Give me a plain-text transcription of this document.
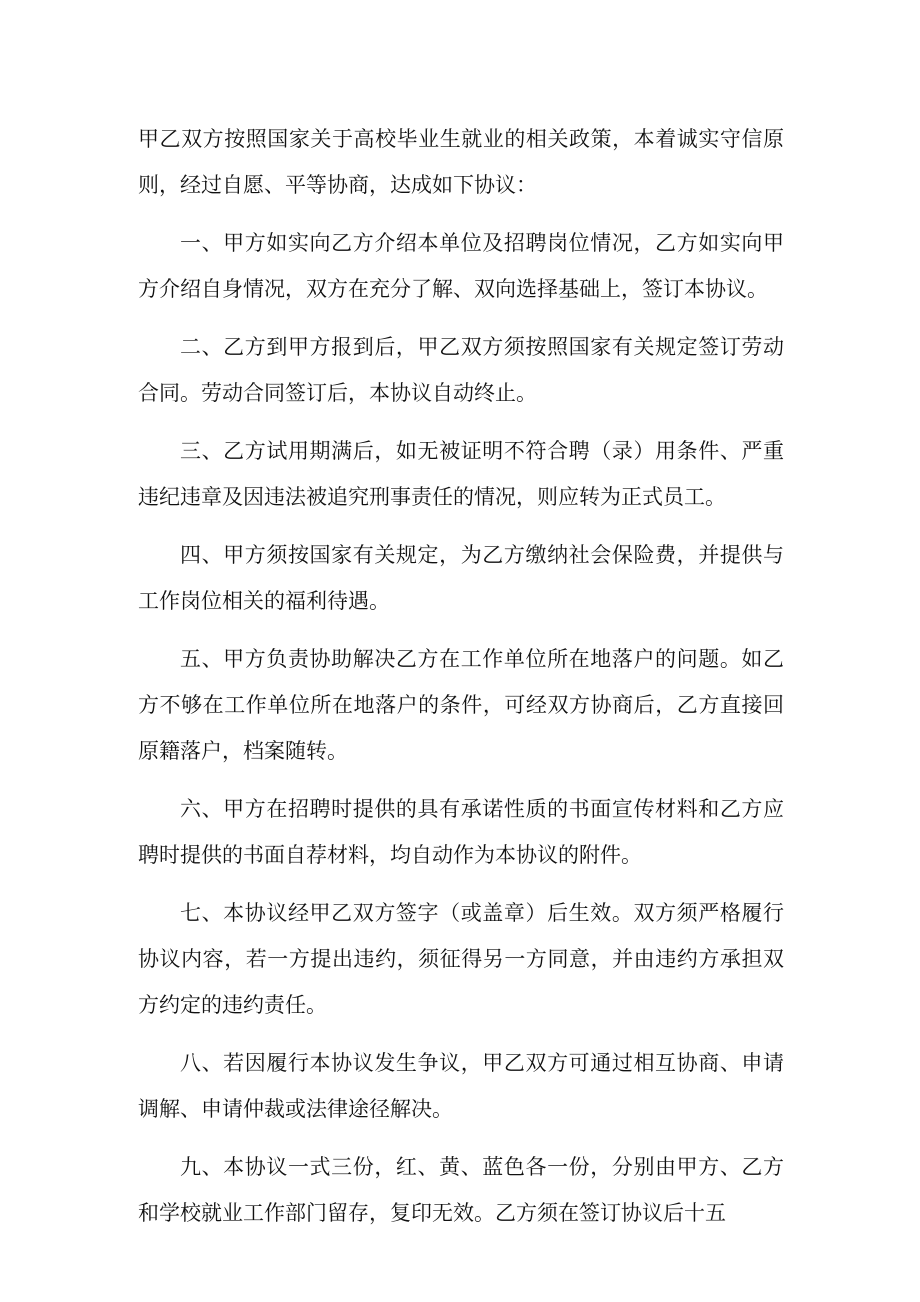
甲乙双方按照国家关于高校毕业生就业的相关政策，本着诚实守信原则，经过自愿、平等协商，达成如下协议：

一、甲方如实向乙方介绍本单位及招聘岗位情况，乙方如实向甲方介绍自身情况，双方在充分了解、双向选择基础上，签订本协议。

二、乙方到甲方报到后，甲乙双方须按照国家有关规定签订劳动合同。劳动合同签订后，本协议自动终止。

三、乙方试用期满后，如无被证明不符合聘（录）用条件、严重违纪违章及因违法被追究刑事责任的情况，则应转为正式员工。

四、甲方须按国家有关规定，为乙方缴纳社会保险费，并提供与工作岗位相关的福利待遇。

五、甲方负责协助解决乙方在工作单位所在地落户的问题。如乙方不够在工作单位所在地落户的条件，可经双方协商后，乙方直接回原籍落户，档案随转。

六、甲方在招聘时提供的具有承诺性质的书面宣传材料和乙方应聘时提供的书面自荐材料，均自动作为本协议的附件。

七、本协议经甲乙双方签字（或盖章）后生效。双方须严格履行协议内容，若一方提出违约，须征得另一方同意，并由违约方承担双方约定的违约责任。

八、若因履行本协议发生争议，甲乙双方可通过相互协商、申请调解、申请仲裁或法律途径解决。

九、本协议一式三份，红、黄、蓝色各一份，分别由甲方、乙方和学校就业工作部门留存，复印无效。乙方须在签订协议后十五
